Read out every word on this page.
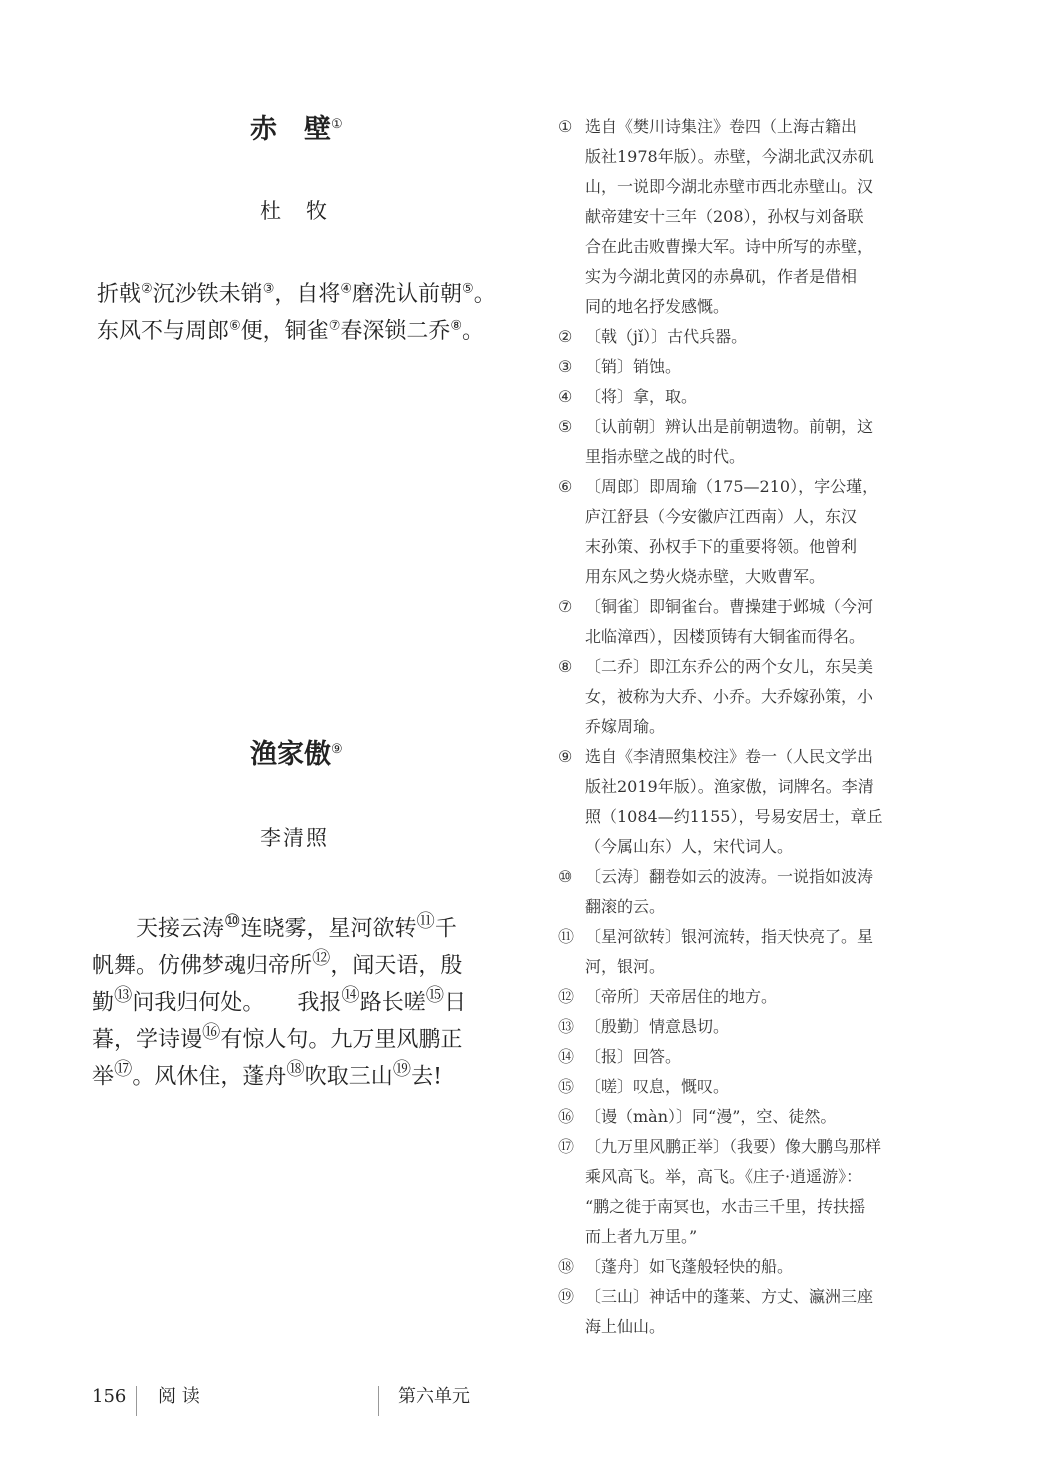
赤　壁①
杜　牧
折戟②沉沙铁未销③，自将④磨洗认前朝⑤。
东风不与周郎⑥便，铜雀⑦春深锁二乔⑧。
渔家傲⑨
李清照
　　天接云涛⑩连晓雾，星河欲转⑪千
帆舞。仿佛梦魂归帝所⑫，闻天语，殷
勤⑬问我归何处。　　我报⑭路长嗟⑮日
暮，学诗谩⑯有惊人句。九万里风鹏正
举⑰。风休住，蓬舟⑱吹取三山⑲去!
① 选自《樊川诗集注》卷四（上海古籍出
版社1978年版）。赤壁，今湖北武汉赤矶
山，一说即今湖北赤壁市西北赤壁山。汉
献帝建安十三年（208），孙权与刘备联
合在此击败曹操大军。诗中所写的赤壁，
实为今湖北黄冈的赤鼻矶，作者是借相
同的地名抒发感慨。
② 〔戟（jǐ）〕古代兵器。
③ 〔销〕销蚀。
④ 〔将〕拿，取。
⑤ 〔认前朝〕辨认出是前朝遗物。前朝，这
里指赤壁之战的时代。
⑥ 〔周郎〕即周瑜（175—210），字公瑾，
庐江舒县（今安徽庐江西南）人，东汉
末孙策、孙权手下的重要将领。他曾利
用东风之势火烧赤壁，大败曹军。
⑦ 〔铜雀〕即铜雀台。曹操建于邺城（今河
北临漳西），因楼顶铸有大铜雀而得名。
⑧ 〔二乔〕即江东乔公的两个女儿，东吴美
女，被称为大乔、小乔。大乔嫁孙策，小
乔嫁周瑜。
⑨ 选自《李清照集校注》卷一（人民文学出
版社2019年版）。渔家傲，词牌名。李清
照（1084—约1155），号易安居士，章丘
（今属山东）人，宋代词人。
⑩ 〔云涛〕翻卷如云的波涛。一说指如波涛
翻滚的云。
⑪ 〔星河欲转〕银河流转，指天快亮了。星
河，银河。
⑫ 〔帝所〕天帝居住的地方。
⑬ 〔殷勤〕情意恳切。
⑭ 〔报〕回答。
⑮ 〔嗟〕叹息，慨叹。
⑯ 〔谩（màn）〕同“漫”，空、徒然。
⑰ 〔九万里风鹏正举〕（我要）像大鹏鸟那样
乘风高飞。举，高飞。《庄子·逍遥游》：
“鹏之徙于南冥也，水击三千里，抟扶摇
而上者九万里。”
⑱ 〔蓬舟〕如飞蓬般轻快的船。
⑲ 〔三山〕神话中的蓬莱、方丈、瀛洲三座
海上仙山。
156 阅 读	第六单元
